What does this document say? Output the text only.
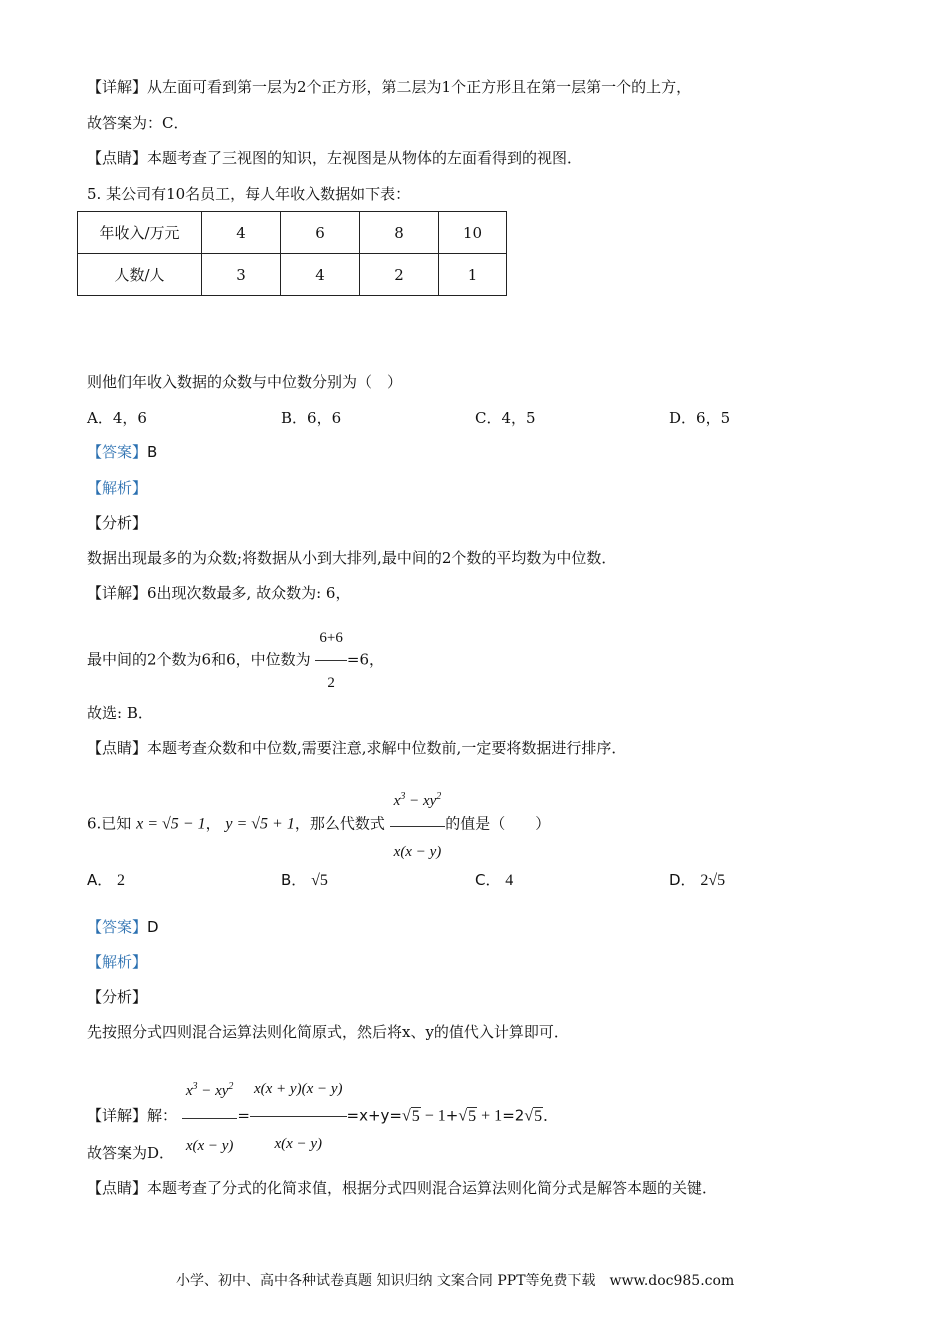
【详解】从左面可看到第一层为2个正方形，第二层为1个正方形且在第一层第一个的上方，
故答案为：C．
【点睛】本题考查了三视图的知识，左视图是从物体的左面看得到的视图．
5. 某公司有10名员工，每人年收入数据如下表：
年收入/万元	4	6	8	10
人数/人	3	4	2	1
则他们年收入数据的众数与中位数分别为（　）
A．4，6	B．6，6	C．4，5	D．6，5
【答案】B
【解析】
【分析】
数据出现最多的为众数;将数据从小到大排列,最中间的2个数的平均数为中位数．
【详解】6出现次数最多, 故众数为: 6，
最中间的2个数为6和6，中位数为 $\frac{6+6}{2} =6$，
故选: B．
【点睛】本题考查众数和中位数,需要注意,求解中位数前,一定要将数据进行排序．
6.已知 x = √5 − 1， y = √5 + 1，那么代数式 $\frac{x^3 - xy^2}{x(x - y)}$ 的值是（　　）
A． 2	B． √5	C． 4	D． 2√5
【答案】D
【解析】
【分析】
先按照分式四则混合运算法则化简原式，然后将x、y的值代入计算即可．
【详解】解： $\frac{x^3 - xy^2}{x(x - y)} = \frac{x(x + y)(x - y)}{x(x - y)} =x+y=√5 - 1+√5 + 1=2√5$．
故答案为D．
【点睛】本题考查了分式的化简求值，根据分式四则混合运算法则化简分式是解答本题的关键．
小学、初中、高中各种试卷真题 知识归纳 文案合同 PPT等免费下载　www.doc985.com
